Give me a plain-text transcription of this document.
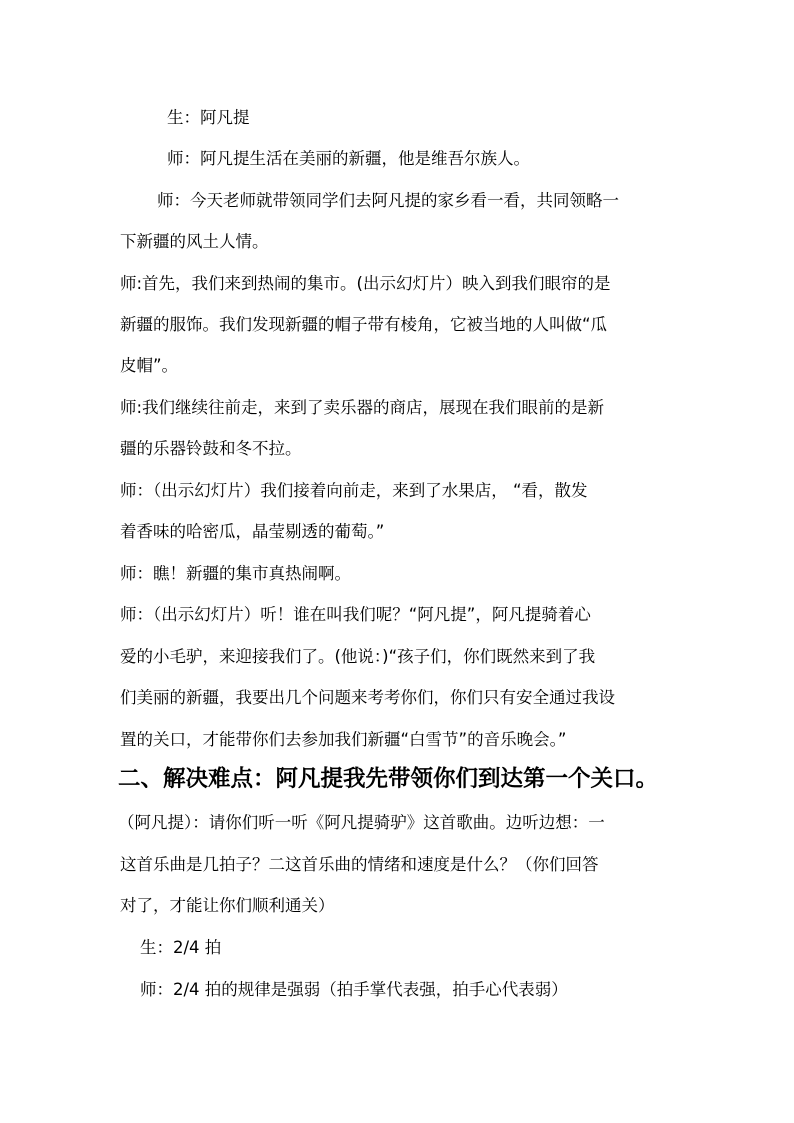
生：阿凡提
师：阿凡提生活在美丽的新疆，他是维吾尔族人。
师：今天老师就带领同学们去阿凡提的家乡看一看，共同领略一
下新疆的风土人情。
师:首先，我们来到热闹的集市。(出示幻灯片）映入到我们眼帘的是
新疆的服饰。我们发现新疆的帽子带有棱角，它被当地的人叫做“瓜
皮帽”。
师:我们继续往前走，来到了卖乐器的商店，展现在我们眼前的是新
疆的乐器铃鼓和冬不拉。
师：（出示幻灯片）我们接着向前走，来到了水果店， “看，散发
着香味的哈密瓜，晶莹剔透的葡萄。”
师：瞧！新疆的集市真热闹啊。
师：（出示幻灯片）听！谁在叫我们呢？“阿凡提”，阿凡提骑着心
爱的小毛驴，来迎接我们了。(他说：)“孩子们，你们既然来到了我
们美丽的新疆，我要出几个问题来考考你们，你们只有安全通过我设
置的关口，才能带你们去参加我们新疆“白雪节”的音乐晚会。”
二、解决难点：阿凡提我先带领你们到达第一个关口。
（阿凡提）：请你们听一听《阿凡提骑驴》这首歌曲。边听边想：一
这首乐曲是几拍子？二这首乐曲的情绪和速度是什么？（你们回答
对了，才能让你们顺利通关）
生：2/4 拍
师：2/4 拍的规律是强弱（拍手掌代表强，拍手心代表弱）
